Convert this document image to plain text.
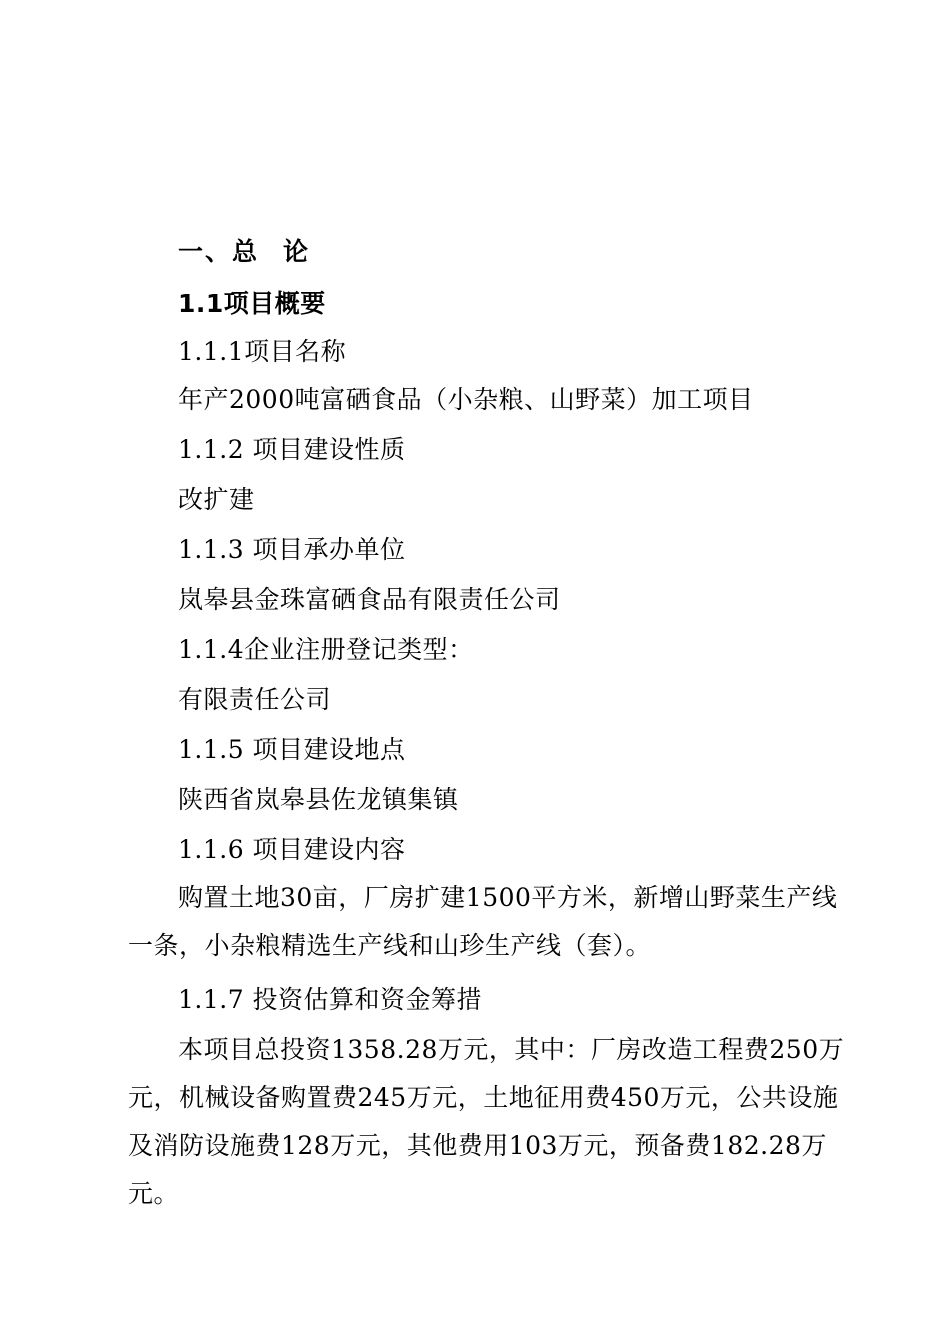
一、总 论
1.1项目概要
1.1.1项目名称
年产2000吨富硒食品（小杂粮、山野菜）加工项目
1.1.2 项目建设性质
改扩建
1.1.3 项目承办单位
岚皋县金珠富硒食品有限责任公司
1.1.4企业注册登记类型：
有限责任公司
1.1.5 项目建设地点
陕西省岚皋县佐龙镇集镇
1.1.6 项目建设内容
购置土地30亩，厂房扩建1500平方米，新增山野菜生产线
一条，小杂粮精选生产线和山珍生产线（套）。
1.1.7 投资估算和资金筹措
本项目总投资1358.28万元，其中：厂房改造工程费250万
元，机械设备购置费245万元，土地征用费450万元，公共设施
及消防设施费128万元，其他费用103万元，预备费182.28万
元。
